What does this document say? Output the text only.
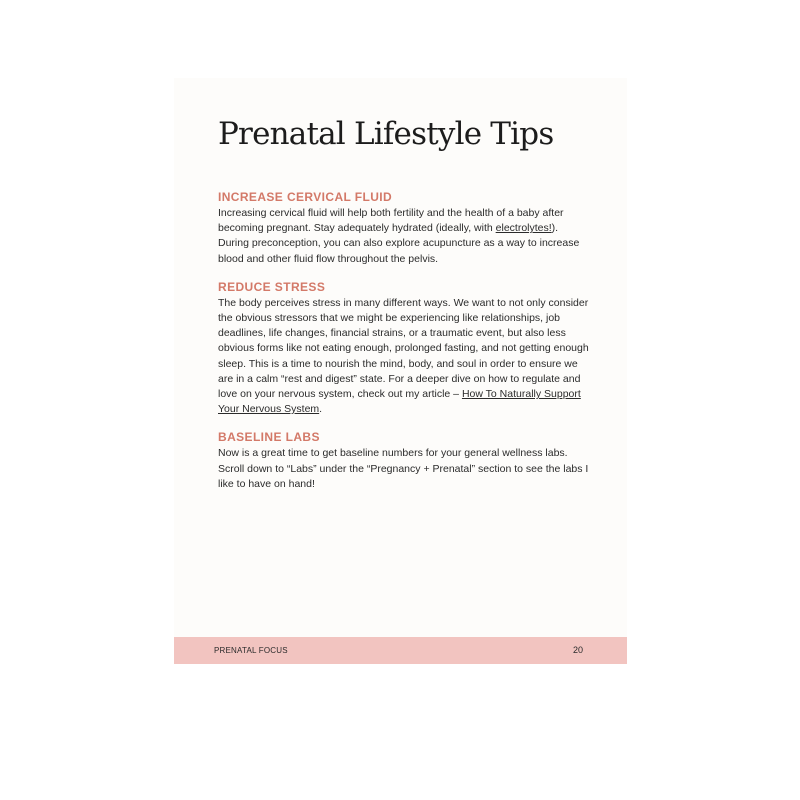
Prenatal Lifestyle Tips
INCREASE CERVICAL FLUID

Increasing cervical fluid will help both fertility and the health of a baby after becoming pregnant. Stay adequately hydrated (ideally, with electrolytes!). During preconception, you can also explore acupuncture as a way to increase blood and other fluid flow throughout the pelvis.

REDUCE STRESS

The body perceives stress in many different ways. We want to not only consider the obvious stressors that we might be experiencing like relationships, job deadlines, life changes, financial strains, or a traumatic event, but also less obvious forms like not eating enough, prolonged fasting, and not getting enough sleep. This is a time to nourish the mind, body, and soul in order to ensure we are in a calm “rest and digest” state. For a deeper dive on how to regulate and love on your nervous system, check out my article – How To Naturally Support Your Nervous System.

BASELINE LABS

Now is a great time to get baseline numbers for your general wellness labs. Scroll down to “Labs” under the “Pregnancy + Prenatal” section to see the labs I like to have on hand!

PRENATAL FOCUS	20
